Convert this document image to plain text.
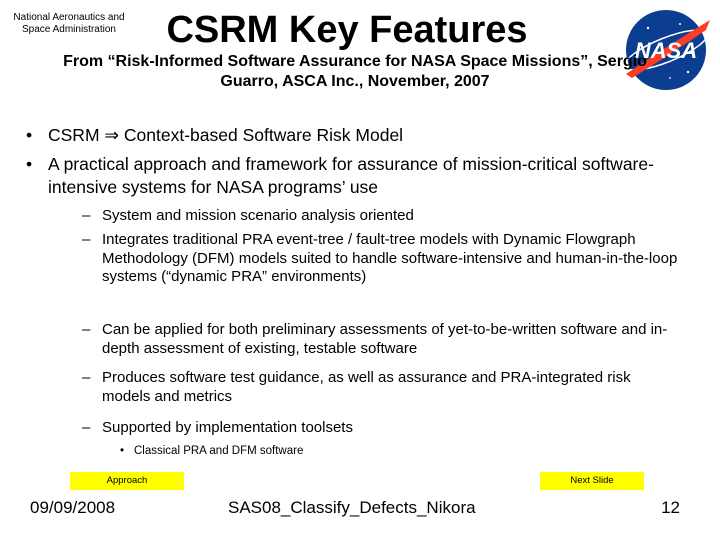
National Aeronautics and Space Administration	CSRM Key Features	NASA
From “Risk-Informed Software Assurance for NASA Space Missions”, Sergio Guarro, ASCA Inc., November, 2007
• CSRM ⇒ Context-based Software Risk Model
• A practical approach and framework for assurance of mission-critical software-intensive systems for NASA programs’ use
– System and mission scenario analysis oriented
– Integrates traditional PRA event-tree / fault-tree models with Dynamic Flowgraph Methodology (DFM) models suited to handle software-intensive and human-in-the-loop systems (“dynamic PRA” environments)
– Can be applied for both preliminary assessments of yet-to-be-written software and in-depth assessment of existing, testable software
– Produces software test guidance, as well as assurance and PRA-integrated risk models and metrics
– Supported by implementation toolsets
• Classical PRA and DFM software
Approach	Next Slide
09/09/2008	SAS08_Classify_Defects_Nikora	12
